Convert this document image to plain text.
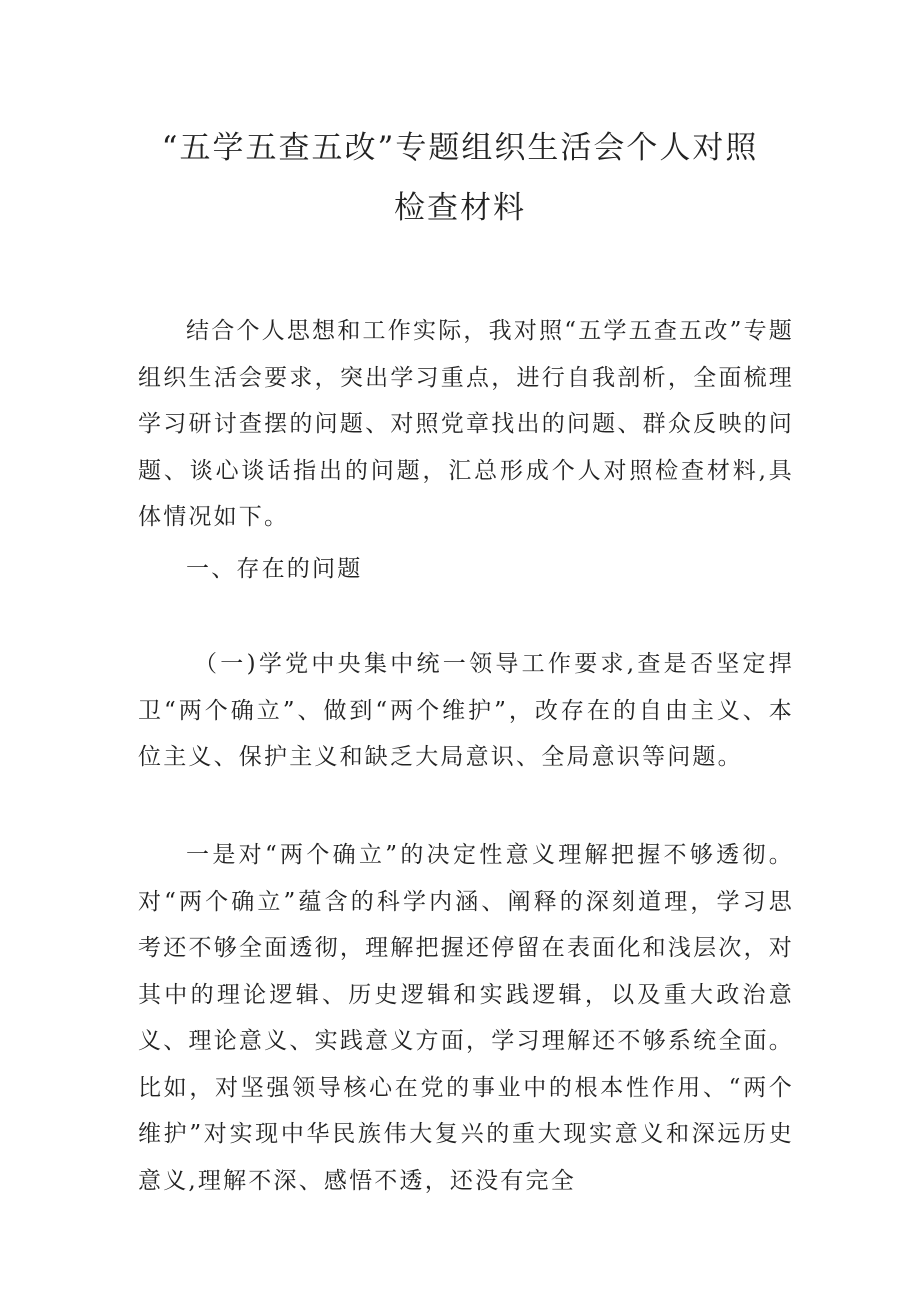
“五学五查五改”专题组织生活会个人对照
检查材料

结合个人思想和工作实际，我对照“五学五查五改”专题组织生活会要求，突出学习重点，进行自我剖析，全面梳理学习研讨查摆的问题、对照党章找出的问题、群众反映的问题、谈心谈话指出的问题，汇总形成个人对照检查材料,具体情况如下。

一、存在的问题

（一)学党中央集中统一领导工作要求,查是否坚定捍卫“两个确立”、做到“两个维护”，改存在的自由主义、本位主义、保护主义和缺乏大局意识、全局意识等问题。

一是对“两个确立”的决定性意义理解把握不够透彻。对“两个确立”蕴含的科学内涵、阐释的深刻道理，学习思考还不够全面透彻，理解把握还停留在表面化和浅层次，对其中的理论逻辑、历史逻辑和实践逻辑，以及重大政治意义、理论意义、实践意义方面，学习理解还不够系统全面。比如，对坚强领导核心在党的事业中的根本性作用、“两个维护”对实现中华民族伟大复兴的重大现实意义和深远历史意义,理解不深、感悟不透，还没有完全
